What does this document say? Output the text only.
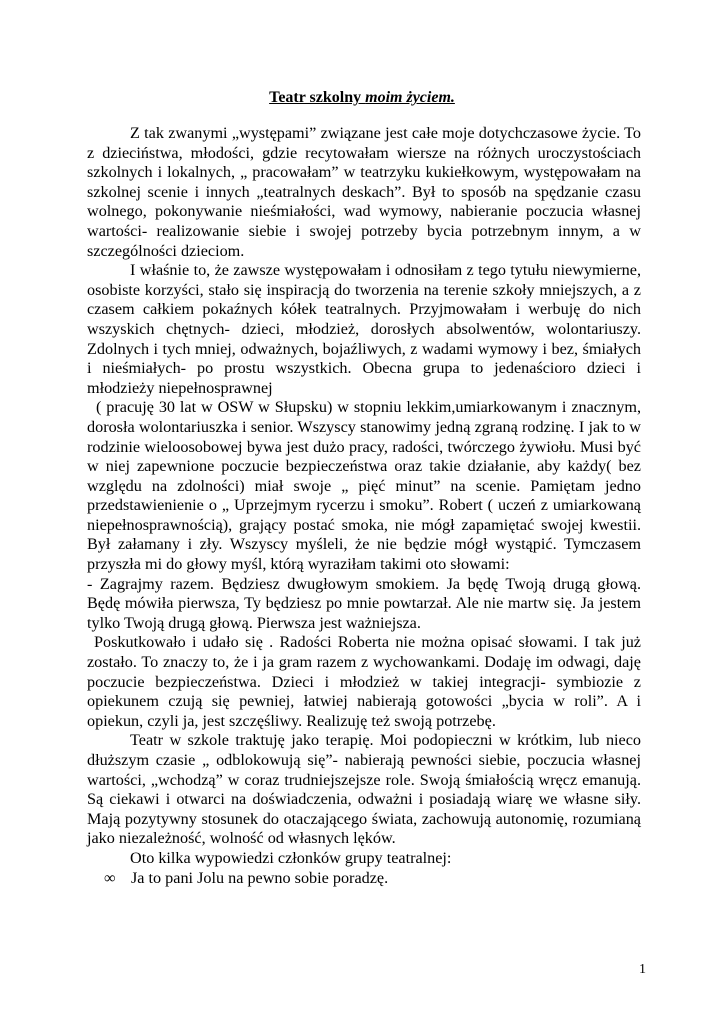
Teatr szkolny moim życiem.

Z tak zwanymi „występami” związane jest całe moje dotychczasowe życie. To z dzieciństwa, młodości, gdzie recytowałam wiersze na różnych uroczystościach szkolnych i lokalnych, „ pracowałam” w teatrzyku kukiełkowym, występowałam na szkolnej scenie i innych „teatralnych deskach”. Był to sposób na spędzanie czasu wolnego, pokonywanie nieśmiałości, wad wymowy, nabieranie poczucia własnej wartości- realizowanie siebie i swojej potrzeby bycia potrzebnym innym, a w szczególności dzieciom.

I właśnie to, że zawsze występowałam i odnosiłam z tego tytułu niewymierne, osobiste korzyści, stało się inspiracją do tworzenia na terenie szkoły mniejszych, a z czasem całkiem pokaźnych kółek teatralnych. Przyjmowałam i werbuję do nich wszyskich chętnych- dzieci, młodzież, dorosłych absolwentów, wolontariuszy. Zdolnych i tych mniej, odważnych, bojaźliwych, z wadami wymowy i bez, śmiałych i nieśmiałych- po prostu wszystkich. Obecna grupa to jedenaścioro dzieci i młodzieży niepełnosprawnej

( pracuję 30 lat w OSW w Słupsku) w stopniu lekkim,umiarkowanym i znacznym, dorosła wolontariuszka i senior. Wszyscy stanowimy jedną zgraną rodzinę. I jak to w rodzinie wieloosobowej bywa jest dużo pracy, radości, twórczego żywiołu. Musi być w niej zapewnione poczucie bezpieczeństwa oraz takie działanie, aby każdy( bez względu na zdolności) miał swoje „ pięć minut” na scenie. Pamiętam jedno przedstawienienie o „ Uprzejmym rycerzu i smoku”. Robert ( uczeń z umiarkowaną niepełnosprawnością), grający postać smoka, nie mógł zapamiętać swojej kwestii. Był załamany i zły. Wszyscy myśleli, że nie będzie mógł wystąpić. Tymczasem przyszła mi do głowy myśl, którą wyraziłam takimi oto słowami:

- Zagrajmy razem. Będziesz dwugłowym smokiem. Ja będę Twoją drugą głową. Będę mówiła pierwsza, Ty będziesz po mnie powtarzał. Ale nie martw się. Ja jestem tylko Twoją drugą głową. Pierwsza jest ważniejsza.

Poskutkowało i udało się . Radości Roberta nie można opisać słowami. I tak już zostało. To znaczy to, że i ja gram razem z wychowankami. Dodaję im odwagi, daję poczucie bezpieczeństwa. Dzieci i młodzież w takiej integracji- symbiozie z opiekunem czują się pewniej, łatwiej nabierają gotowości „bycia w roli”. A i opiekun, czyli ja, jest szczęśliwy. Realizuję też swoją potrzebę.

Teatr w szkole traktuję jako terapię. Moi podopieczni w krótkim, lub nieco dłuższym czasie „ odblokowują się”- nabierają pewności siebie, poczucia własnej wartości, „wchodzą” w coraz trudniejszejsze role. Swoją śmiałością wręcz emanują. Są ciekawi i otwarci na doświadczenia, odważni i posiadają wiarę we własne siły. Mają pozytywny stosunek do otaczającego świata, zachowują autonomię, rozumianą jako niezależność, wolność od własnych lęków.

Oto kilka wypowiedzi członków grupy teatralnej:

∞ Ja to pani Jolu na pewno sobie poradzę.
1
